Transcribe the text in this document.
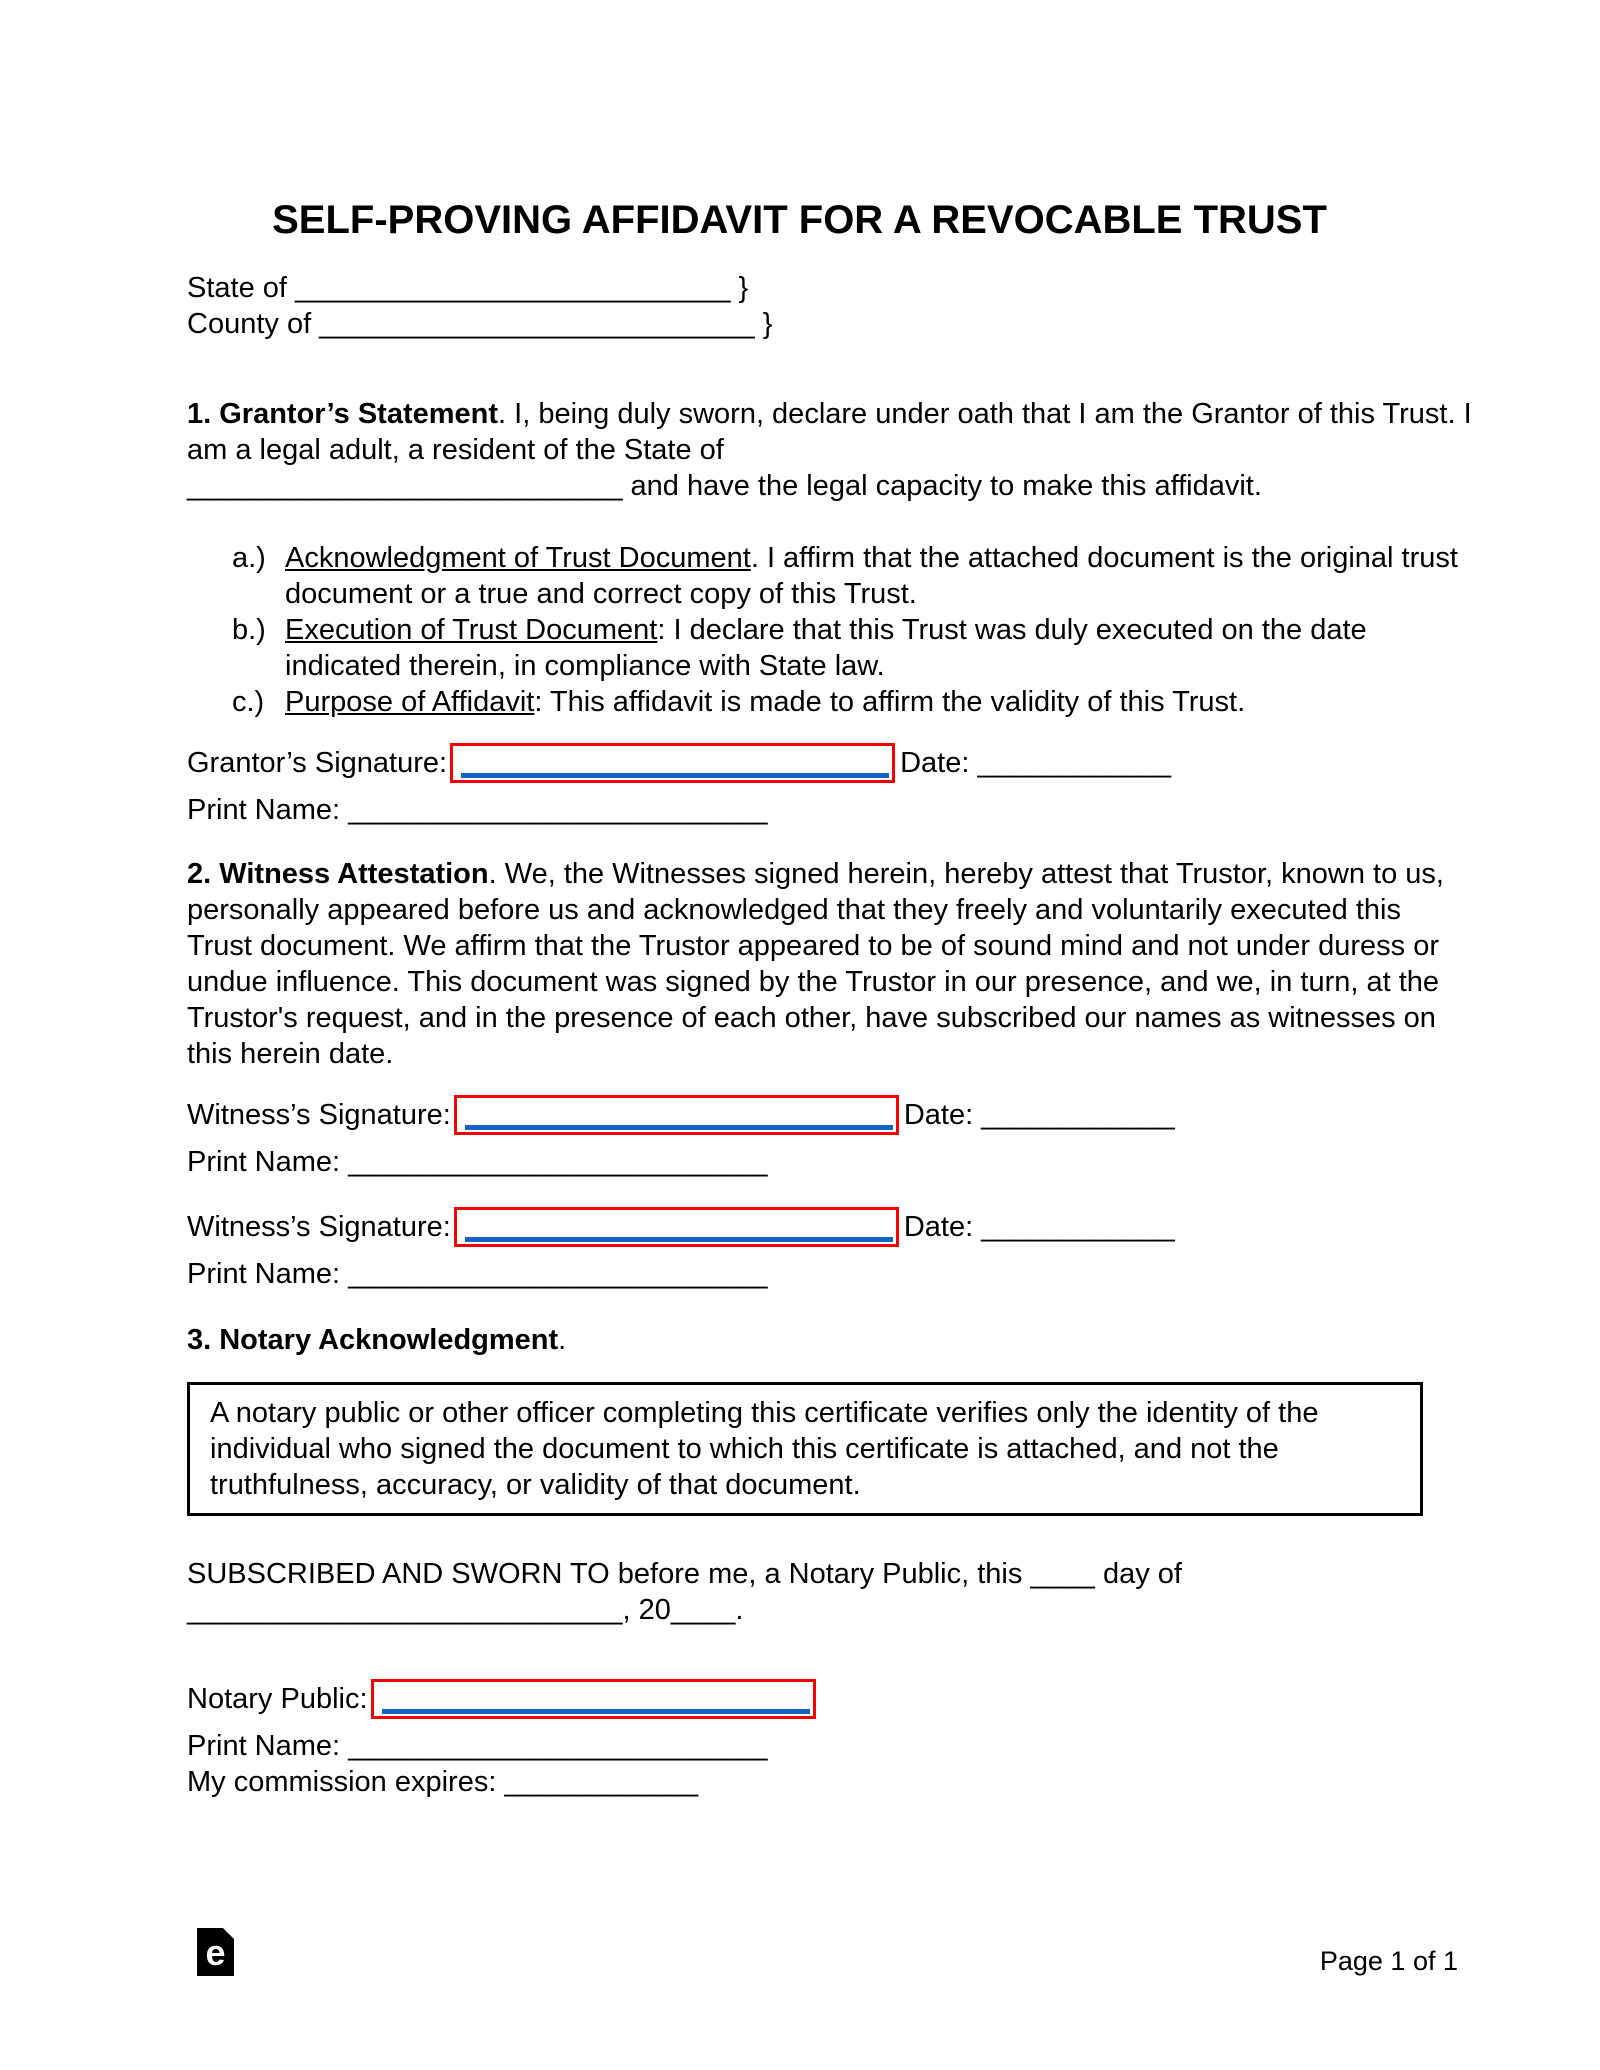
SELF-PROVING AFFIDAVIT FOR A REVOCABLE TRUST

State of ___________________________ }

County of ___________________________ }

1. Grantor’s Statement. I, being duly sworn, declare under oath that I am the Grantor of this Trust. I am a legal adult, a resident of the State of
___________________________ and have the legal capacity to make this affidavit.

a.) Acknowledgment of Trust Document. I affirm that the attached document is the original trust document or a true and correct copy of this Trust.
b.) Execution of Trust Document: I declare that this Trust was duly executed on the date indicated therein, in compliance with State law.
c.) Purpose of Affidavit: This affidavit is made to affirm the validity of this Trust.
Grantor’s Signature:	Date: ____________

Print Name: __________________________

2. Witness Attestation. We, the Witnesses signed herein, hereby attest that Trustor, known to us, personally appeared before us and acknowledged that they freely and voluntarily executed this Trust document. We affirm that the Trustor appeared to be of sound mind and not under duress or undue influence. This document was signed by the Trustor in our presence, and we, in turn, at the Trustor's request, and in the presence of each other, have subscribed our names as witnesses on this herein date.

Witness’s Signature:	Date: ____________

Print Name: __________________________

Witness’s Signature:	Date: ____________

Print Name: __________________________

3. Notary Acknowledgment.

A notary public or other officer completing this certificate verifies only the identity of the individual who signed the document to which this certificate is attached, and not the truthfulness, accuracy, or validity of that document.

SUBSCRIBED AND SWORN TO before me, a Notary Public, this ____ day of ___________________________, 20____.

Notary Public:

Print Name: __________________________

My commission expires: ____________

e	Page 1 of 1
